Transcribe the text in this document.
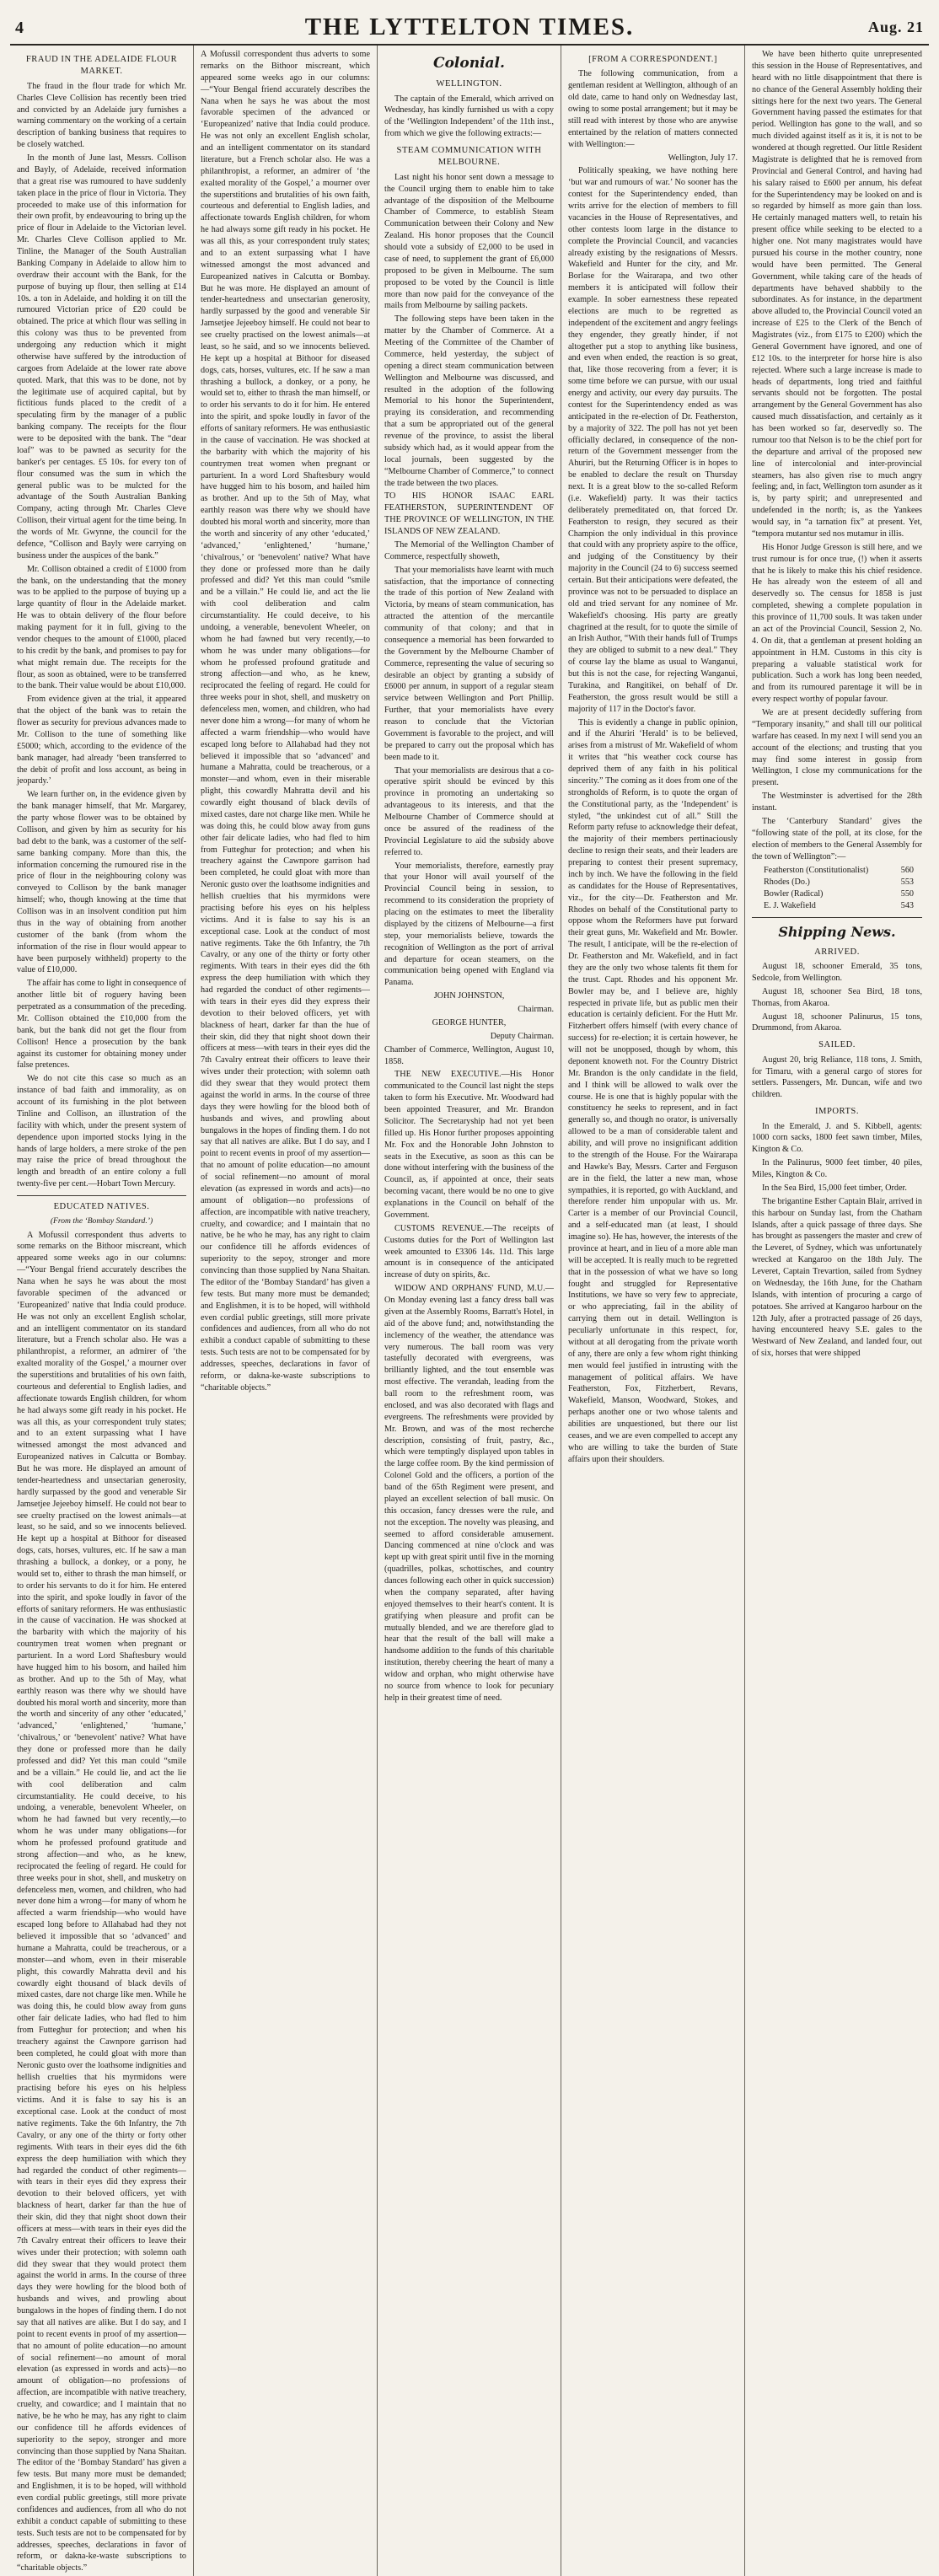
4	THE LYTTELTON TIMES.	Aug. 21
FRAUD IN THE ADELAIDE FLOUR MARKET.

The fraud in the flour trade for which Mr. Charles Cleve Collision has recently been tried and convicted by an Adelaide jury furnishes a warning commentary on the working of a certain description of banking business that requires to be closely watched.

In the month of June last, Messrs. Collison and Bayly, of Adelaide, received information that a great rise was rumoured to have suddenly taken place in the price of flour in Victoria. They proceeded to make use of this information for their own profit, by endeavouring to bring up the price of flour in Adelaide to the Victorian level. Mr. Charles Cleve Collison applied to Mr. Tinline, the Manager of the South Australian Banking Company in Adelaide to allow him to overdraw their account with the Bank, for the purpose of buying up flour, then selling at £14 10s. a ton in Adelaide, and holding it on till the rumoured Victorian price of £20 could be obtained. The price at which flour was selling in this colony was thus to be prevented from undergoing any reduction which it might otherwise have suffered by the introduction of cargoes from Adelaide at the lower rate above quoted. Mark, that this was to be done, not by the legitimate use of acquired capital, but by fictitious funds placed to the credit of a speculating firm by the manager of a public banking company. The receipts for the flour were to be deposited with the bank. The “dear loaf” was to be pawned as security for the banker's per centages. £5 10s. for every ton of flour consumed was the sum in which the general public was to be mulcted for the advantage of the South Australian Banking Company, acting through Mr. Charles Cleve Collison, their virtual agent for the time being. In the words of Mr. Gwynne, the council for the defence, “Collison and Bayly were carrying on business under the auspices of the bank.”

Mr. Collison obtained a credit of £1000 from the bank, on the understanding that the money was to be applied to the purpose of buying up a large quantity of flour in the Adelaide market. He was to obtain delivery of the flour before making payment for it in full, giving to the vendor cheques to the amount of £1000, placed to his credit by the bank, and promises to pay for what might remain due. The receipts for the flour, as soon as obtained, were to be transferred to the bank. Their value would be about £10,000.

From evidence given at the trial, it appeared that the object of the bank was to retain the flower as security for previous advances made to Mr. Collison to the tune of something like £5000; which, according to the evidence of the bank manager, had already ‘been transferred to the debit of profit and loss account, as being in jeopardy.’

We learn further on, in the evidence given by the bank manager himself, that Mr. Margarey, the party whose flower was to be obtained by Collison, and given by him as security for his bad debt to the bank, was a customer of the self-same banking company. More than this, the information concerning the rumoured rise in the price of flour in the neighbouring colony was conveyed to Collison by the bank manager himself; who, though knowing at the time that Collison was in an insolvent condition put him thus in the way of obtaining from another customer of the bank (from whom the information of the rise in flour would appear to have been purposely withheld) property to the value of £10,000.

The affair has come to light in consequence of another little bit of roguery having been perpetrated as a consummation of the preceding. Mr. Collison obtained the £10,000 from the bank, but the bank did not get the flour from Collison! Hence a prosecution by the bank against its customer for obtaining money under false pretences.

We do not cite this case so much as an instance of bad faith and immorality, as on account of its furnishing in the plot between Tinline and Collison, an illustration of the facility with which, under the present system of dependence upon imported stocks lying in the hands of large holders, a mere stroke of the pen may raise the price of bread throughout the length and breadth of an entire colony a full twenty-five per cent.—Hobart Town Mercury.

EDUCATED NATIVES.
(From the ‘Bombay Standard.’)

A Mofussil correspondent thus adverts to some remarks on the Bithoor miscreant, which appeared some weeks ago in our columns:—“Your Bengal friend accurately describes the Nana when he says he was about the most favorable specimen of the advanced or ‘Europeanized’ native that India could produce. He was not only an excellent English scholar, and an intelligent commentator on its standard literature, but a French scholar also. He was a philanthropist, a reformer, an admirer of ‘the exalted morality of the Gospel,’ a mourner over the superstitions and brutalities of his own faith, courteous and deferential to English ladies, and affectionate towards English children, for whom he had always some gift ready in his pocket. He was all this, as your correspondent truly states; and to an extent surpassing what I have witnessed amongst the most advanced and Europeanized natives in Calcutta or Bombay. But he was more. He displayed an amount of tender-heartedness and unsectarian generosity, hardly surpassed by the good and venerable Sir Jamsetjee Jejeeboy himself. He could not bear to see cruelty practised on the lowest animals—at least, so he said, and so we innocents believed. He kept up a hospital at Bithoor for diseased dogs, cats, horses, vultures, etc. If he saw a man thrashing a bullock, a donkey, or a pony, he would set to, either to thrash the man himself, or to order his servants to do it for him. He entered into the spirit, and spoke loudly in favor of the efforts of sanitary reformers. He was enthusiastic in the cause of vaccination. He was shocked at the barbarity with which the majority of his countrymen treat women when pregnant or parturient. In a word Lord Shaftesbury would have hugged him to his bosom, and hailed him as brother. And up to the 5th of May, what earthly reason was there why we should have doubted his moral worth and sincerity, more than the worth and sincerity of any other ‘educated,’ ‘advanced,’ ‘enlightened,’ ‘humane,’ ‘chivalrous,’ or ‘benevolent’ native? What have they done or professed more than he daily professed and did? Yet this man could “smile and be a villain.” He could lie, and act the lie with cool deliberation and calm circumstantiality. He could deceive, to his undoing, a venerable, benevolent Wheeler, on whom he had fawned but very recently,—to whom he was under many obligations—for whom he professed profound gratitude and strong affection—and who, as he knew, reciprocated the feeling of regard. He could for three weeks pour in shot, shell, and musketry on defenceless men, women, and children, who had never done him a wrong—for many of whom he affected a warm friendship—who would have escaped long before to Allahabad had they not believed it impossible that so ‘advanced’ and humane a Mahratta, could be treacherous, or a monster—and whom, even in their miserable plight, this cowardly Mahratta devil and his cowardly eight thousand of black devils of mixed castes, dare not charge like men. While he was doing this, he could blow away from guns other fair delicate ladies, who had fled to him from Futteghur for protection; and when his treachery against the Cawnpore garrison had been completed, he could gloat with more than Neronic gusto over the loathsome indignities and hellish cruelties that his myrmidons were practising before his eyes on his helpless victims. And it is false to say his is an exceptional case. Look at the conduct of most native regiments. Take the 6th Infantry, the 7th Cavalry, or any one of the thirty or forty other regiments. With tears in their eyes did the 6th express the deep humiliation with which they had regarded the conduct of other regiments—with tears in their eyes did they express their devotion to their beloved officers, yet with blackness of heart, darker far than the hue of their skin, did they that night shoot down their officers at mess—with tears in their eyes did the 7th Cavalry entreat their officers to leave their wives under their protection; with solemn oath did they swear that they would protect them against the world in arms. In the course of three days they were howling for the blood both of husbands and wives, and prowling about bungalows in the hopes of finding them. I do not say that all natives are alike. But I do say, and I point to recent events in proof of my assertion—that no amount of polite education—no amount of social refinement—no amount of moral elevation (as expressed in words and acts)—no amount of obligation—no professions of affection, are incompatible with native treachery, cruelty, and cowardice; and I maintain that no native, be he who he may, has any right to claim our confidence till he affords evidences of superiority to the sepoy, stronger and more convincing than those supplied by Nana Shaitan. The editor of the ‘Bombay Standard’ has given a few tests. But many more must be demanded; and Englishmen, it is to be hoped, will withhold even cordial public greetings, still more private confidences and audiences, from all who do not exhibit a conduct capable of submitting to these tests. Such tests are not to be compensated for by addresses, speeches, declarations in favor of reform, or dakna-ke-waste subscriptions to “charitable objects.”

A Mofussil correspondent thus adverts to some remarks on the Bithoor miscreant, which appeared some weeks ago in our columns:—“Your Bengal friend accurately describes the Nana when he says he was about the most favorable specimen of the advanced or ‘Europeanized’ native that India could produce. He was not only an excellent English scholar, and an intelligent commentator on its standard literature, but a French scholar also. He was a philanthropist, a reformer, an admirer of ‘the exalted morality of the Gospel,’ a mourner over the superstitions and brutalities of his own faith, courteous and deferential to English ladies, and affectionate towards English children, for whom he had always some gift ready in his pocket. He was all this, as your correspondent truly states; and to an extent surpassing what I have witnessed amongst the most advanced and Europeanized natives in Calcutta or Bombay. But he was more. He displayed an amount of tender-heartedness and unsectarian generosity, hardly surpassed by the good and venerable Sir Jamsetjee Jejeeboy himself. He could not bear to see cruelty practised on the lowest animals—at least, so he said, and so we innocents believed. He kept up a hospital at Bithoor for diseased dogs, cats, horses, vultures, etc. If he saw a man thrashing a bullock, a donkey, or a pony, he would set to, either to thrash the man himself, or to order his servants to do it for him. He entered into the spirit, and spoke loudly in favor of the efforts of sanitary reformers. He was enthusiastic in the cause of vaccination. He was shocked at the barbarity with which the majority of his countrymen treat women when pregnant or parturient. In a word Lord Shaftesbury would have hugged him to his bosom, and hailed him as brother. And up to the 5th of May, what earthly reason was there why we should have doubted his moral worth and sincerity, more than the worth and sincerity of any other ‘educated,’ ‘advanced,’ ‘enlightened,’ ‘humane,’ ‘chivalrous,’ or ‘benevolent’ native? What have they done or professed more than he daily professed and did? Yet this man could “smile and be a villain.” He could lie, and act the lie with cool deliberation and calm circumstantiality. He could deceive, to his undoing, a venerable, benevolent Wheeler, on whom he had fawned but very recently,—to whom he was under many obligations—for whom he professed profound gratitude and strong affection—and who, as he knew, reciprocated the feeling of regard. He could for three weeks pour in shot, shell, and musketry on defenceless men, women, and children, who had never done him a wrong—for many of whom he affected a warm friendship—who would have escaped long before to Allahabad had they not believed it impossible that so ‘advanced’ and humane a Mahratta, could be treacherous, or a monster—and whom, even in their miserable plight, this cowardly Mahratta devil and his cowardly eight thousand of black devils of mixed castes, dare not charge like men. While he was doing this, he could blow away from guns other fair delicate ladies, who had fled to him from Futteghur for protection; and when his treachery against the Cawnpore garrison had been completed, he could gloat with more than Neronic gusto over the loathsome indignities and hellish cruelties that his myrmidons were practising before his eyes on his helpless victims. And it is false to say his is an exceptional case. Look at the conduct of most native regiments. Take the 6th Infantry, the 7th Cavalry, or any one of the thirty or forty other regiments. With tears in their eyes did the 6th express the deep humiliation with which they had regarded the conduct of other regiments—with tears in their eyes did they express their devotion to their beloved officers, yet with blackness of heart, darker far than the hue of their skin, did they that night shoot down their officers at mess—with tears in their eyes did the 7th Cavalry entreat their officers to leave their wives under their protection; with solemn oath did they swear that they would protect them against the world in arms. In the course of three days they were howling for the blood both of husbands and wives, and prowling about bungalows in the hopes of finding them. I do not say that all natives are alike. But I do say, and I point to recent events in proof of my assertion—that no amount of polite education—no amount of social refinement—no amount of moral elevation (as expressed in words and acts)—no amount of obligation—no professions of affection, are incompatible with native treachery, cruelty, and cowardice; and I maintain that no native, be he who he may, has any right to claim our confidence till he affords evidences of superiority to the sepoy, stronger and more convincing than those supplied by Nana Shaitan. The editor of the ‘Bombay Standard’ has given a few tests. But many more must be demanded; and Englishmen, it is to be hoped, will withhold even cordial public greetings, still more private confidences and audiences, from all who do not exhibit a conduct capable of submitting to these tests. Such tests are not to be compensated for by addresses, speeches, declarations in favor of reform, or dakna-ke-waste subscriptions to “charitable objects.”

Colonial.
WELLINGTON.

The captain of the Emerald, which arrived on Wednesday, has kindly furnished us with a copy of the ‘Wellington Independent’ of the 11th inst., from which we give the following extracts:—

STEAM COMMUNICATION WITH MELBOURNE.

Last night his honor sent down a message to the Council urging them to enable him to take advantage of the disposition of the Melbourne Chamber of Commerce, to establish Steam Communication between their Colony and New Zealand. His honor proposes that the Council should vote a subsidy of £2,000 to be used in case of need, to supplement the grant of £6,000 proposed to be given in Melbourne. The sum proposed to be voted by the Council is little more than now paid for the conveyance of the mails from Melbourne by sailing packets.

The following steps have been taken in the matter by the Chamber of Commerce. At a Meeting of the Committee of the Chamber of Commerce, held yesterday, the subject of opening a direct steam communication between Wellington and Melbourne was discussed, and resulted in the adoption of the following Memorial to his honor the Superintendent, praying its consideration, and recommending that a sum be appropriated out of the general revenue of the province, to assist the liberal subsidy which had, as it would appear from the local journals, been suggested by the “Melbourne Chamber of Commerce,” to connect the trade between the two places.

TO HIS HONOR ISAAC EARL FEATHERSTON, SUPERINTENDENT OF THE PROVINCE OF WELLINGTON, IN THE ISLANDS OF NEW ZEALAND.

The Memorial of the Wellington Chamber of Commerce, respectfully showeth,

That your memorialists have learnt with much satisfaction, that the importance of connecting the trade of this portion of New Zealand with Victoria, by means of steam communication, has attracted the attention of the mercantile community of that colony; and that in consequence a memorial has been forwarded to the Government by the Melbourne Chamber of Commerce, representing the value of securing so desirable an object by granting a subsidy of £6000 per annum, in support of a regular steam service between Wellington and Port Phillip. Further, that your memorialists have every reason to conclude that the Victorian Government is favorable to the project, and will be prepared to carry out the proposal which has been made to it.

That your memorialists are desirous that a co-operative spirit should be evinced by this province in promoting an undertaking so advantageous to its interests, and that the Melbourne Chamber of Commerce should at once be assured of the readiness of the Provincial Legislature to aid the subsidy above referred to.

Your memorialists, therefore, earnestly pray that your Honor will avail yourself of the Provincial Council being in session, to recommend to its consideration the propriety of placing on the estimates to meet the liberality displayed by the citizens of Melbourne—a first step, your memorialists believe, towards the recognition of Wellington as the port of arrival and departure for ocean steamers, on the communication being opened with England via Panama.

JOHN JOHNSTON,
Chairman.
GEORGE HUNTER,
Deputy Chairman.

Chamber of Commerce, Wellington, August 10, 1858.

THE NEW EXECUTIVE.—His Honor communicated to the Council last night the steps taken to form his Executive. Mr. Woodward had been appointed Treasurer, and Mr. Brandon Solicitor. The Secretaryship had not yet been filled up. His Honor further proposes appointing Mr. Fox and the Honorable John Johnston to seats in the Executive, as soon as this can be done without interfering with the business of the Council, as, if appointed at once, their seats becoming vacant, there would be no one to give explanations in the Council on behalf of the Government.

CUSTOMS REVENUE.—The receipts of Customs duties for the Port of Wellington last week amounted to £3306 14s. 11d. This large amount is in consequence of the anticipated increase of duty on spirits, &c.

WIDOW AND ORPHANS' FUND, M.U.—On Monday evening last a fancy dress ball was given at the Assembly Rooms, Barratt's Hotel, in aid of the above fund; and, notwithstanding the inclemency of the weather, the attendance was very numerous. The ball room was very tastefully decorated with evergreens, was brilliantly lighted, and the tout ensemble was most effective. The verandah, leading from the ball room to the refreshment room, was enclosed, and was also decorated with flags and evergreens. The refreshments were provided by Mr. Brown, and was of the most recherche description, consisting of fruit, pastry, &c., which were temptingly displayed upon tables in the large coffee room. By the kind permission of Colonel Gold and the officers, a portion of the band of the 65th Regiment were present, and played an excellent selection of ball music. On this occasion, fancy dresses were the rule, and not the exception. The novelty was pleasing, and seemed to afford considerable amusement. Dancing commenced at nine o'clock and was kept up with great spirit until five in the morning (quadrilles, polkas, schottisches, and country dances following each other in quick succession) when the company separated, after having enjoyed themselves to their heart's content. It is gratifying when pleasure and profit can be mutually blended, and we are therefore glad to hear that the result of the ball will make a handsome addition to the funds of this charitable institution, thereby cheering the heart of many a widow and orphan, who might otherwise have no source from whence to look for pecuniary help in their greatest time of need.

[FROM A CORRESPONDENT.]

The following communication, from a gentleman resident at Wellington, although of an old date, came to hand only on Wednesday last, owing to some postal arrangement; but it may be still read with interest by those who are anywise entertained by the relation of matters connected with Wellington:—

Wellington, July 17.

Politically speaking, we have nothing here ‘but war and rumours of war.’ No sooner has the contest for the Superintendency ended, than writs arrive for the election of members to fill vacancies in the House of Representatives, and other contests loom large in the distance to complete the Provincial Council, and vacancies already existing by the resignations of Messrs. Wakefield and Hunter for the city, and Mr. Borlase for the Wairarapa, and two other members it is anticipated will follow their example. In sober earnestness these repeated elections are much to be regretted as independent of the excitement and angry feelings they engender, they greatly hinder, if not altogether put a stop to anything like business, and even when ended, the reaction is so great, that, like those recovering from a fever; it is some time before we can pursue, with our usual energy and activity, our every day pursuits. The contest for the Superintendency ended as was anticipated in the re-election of Dr. Featherston, by a majority of 322. The poll has not yet been officially declared, in consequence of the non-return of the Government messenger from the Ahuriri, but the Returning Officer is in hopes to be enabled to declare the result on Thursday next. It is a great blow to the so-called Reform (i.e. Wakefield) party. It was their tactics deliberately premeditated on, that forced Dr. Featherston to resign, they secured as their Champion the only individual in this province that could with any propriety aspire to the office, and judging of the Constituency by their majority in the Council (24 to 6) success seemed certain. But their anticipations were defeated, the province was not to be persuaded to displace an old and tried servant for any nominee of Mr. Wakefield's choosing. His party are greatly chagrined at the result, for to quote the simile of an Irish Author, “With their hands full of Trumps they are obliged to submit to a new deal.” They of course lay the blame as usual to Wanganui, but this is not the case, for rejecting Wanganui, Turakina, and Rangitikei, on behalf of Dr. Featherston, the gross result would be still a majority of 117 in the Doctor's favor.

This is evidently a change in public opinion, and if the Ahuriri ‘Herald’ is to be believed, arises from a mistrust of Mr. Wakefield of whom it writes that “his weather cock course has deprived them of any faith in his political sincerity.” The coming as it does from one of the strongholds of Reform, is to quote the organ of the Constitutional party, as the ‘Independent’ is styled, “the unkindest cut of all.” Still the Reform party refuse to acknowledge their defeat, the majority of their members pertinaciously decline to resign their seats, and their leaders are preparing to contest their present supremacy, inch by inch. We have the following in the field as candidates for the House of Representatives, viz., for the city—Dr. Featherston and Mr. Rhodes on behalf of the Constitutional party to oppose whom the Reformers have put forward their great guns, Mr. Wakefield and Mr. Bowler. The result, I anticipate, will be the re-election of Dr. Featherston and Mr. Wakefield, and in fact they are the only two whose talents fit them for the trust. Capt. Rhodes and his opponent Mr. Bowler may be, and I believe are, highly respected in private life, but as public men their education is certainly deficient. For the Hutt Mr. Fitzherbert offers himself (with every chance of success) for re-election; it is certain however, he will not be unopposed, though by whom, this deponent knoweth not. For the Country District Mr. Brandon is the only candidate in the field, and I think will be allowed to walk over the course. He is one that is highly popular with the constituency he seeks to represent, and in fact generally so, and though no orator, is universally allowed to be a man of considerable talent and ability, and will prove no insignificant addition to the strength of the House. For the Wairarapa and Hawke's Bay, Messrs. Carter and Ferguson are in the field, the latter a new man, whose sympathies, it is reported, go with Auckland, and therefore render him unpopular with us. Mr. Carter is a member of our Provincial Council, and a self-educated man (at least, I should imagine so). He has, however, the interests of the province at heart, and in lieu of a more able man will be accepted. It is really much to be regretted that in the possession of what we have so long fought and struggled for Representative Institutions, we have so very few to appreciate, or who appreciating, fail in the ability of carrying them out in detail. Wellington is peculiarly unfortunate in this respect, for, without at all derogating from the private worth of any, there are only a few whom right thinking men would feel justified in intrusting with the management of political affairs. We have Featherston, Fox, Fitzherbert, Revans, Wakefield, Manson, Woodward, Stokes, and perhaps another one or two whose talents and abilities are unquestioned, but there our list ceases, and we are even compelled to accept any who are willing to take the burden of State affairs upon their shoulders.

We have been hitherto quite unrepresented this session in the House of Representatives, and heard with no little disappointment that there is no chance of the General Assembly holding their sittings here for the next two years. The General Government having passed the estimates for that period. Wellington has gone to the wall, and so much divided against itself as it is, it is not to be wondered at though regretted. Our little Resident Magistrate is delighted that he is removed from Provincial and General Control, and having had his salary raised to £600 per annum, his defeat for the Superintendency may be looked on and is so regarded by himself as more gain than loss. He certainly managed matters well, to retain his present office while seeking to be elected to a higher one. Not many magistrates would have pursued his course in the mother country, none would have been permitted. The General Government, while taking care of the heads of departments have behaved shabbily to the subordinates. As for instance, in the department above alluded to, the Provincial Council voted an increase of £25 to the Clerk of the Bench of Magistrates (viz., from £175 to £200) which the General Government have ignored, and one of £12 10s. to the interpreter for horse hire is also rejected. Where such a large increase is made to heads of departments, long tried and faithful servants should not be forgotten. The postal arrangement by the General Government has also caused much dissatisfaction, and certainly as it has been worked so far, deservedly so. The rumour too that Nelson is to be the chief port for the departure and arrival of the proposed new line of intercolonial and inter-provincial steamers, has also given rise to much angry feeling; and, in fact, Wellington torn asunder as it is, by party spirit; and unrepresented and undefended in the north; is, as the Yankees would say, in “a tarnation fix” at present. Yet, “tempora mutantur sed nos mutamur in illis.

His Honor Judge Gresson is still here, and we trust rumour is for once true, (!) when it asserts that he is likely to make this his chief residence. He has already won the esteem of all and deservedly so. The census for 1858 is just completed, shewing a complete population in this province of 11,700 souls. It was taken under an act of the Provincial Council, Session 2, No. 4. On dit, that a gentleman at present holding an appointment in H.M. Customs in this city is preparing a valuable statistical work for publication. Such a work has long been needed, and from its rumoured parentage it will be in every respect worthy of popular favour.

We are at present decidedly suffering from “Temporary insanity,” and shall till our political warfare has ceased. In my next I will send you an account of the elections; and trusting that you may find some interest in gossip from Wellington, I close my communications for the present.

The Westminster is advertised for the 28th instant.

The ‘Canterbury Standard’ gives the “following state of the poll, at its close, for the election of members to the General Assembly for the town of Wellington”:—

Featherston (Constitutionalist)	560
Rhodes (Do.)	553
Bowler (Radical)	550
E. J. Wakefield	543
Shipping News.
ARRIVED.

August 18, schooner Emerald, 35 tons, Sedcole, from Wellington.

August 18, schooner Sea Bird, 18 tons, Thomas, from Akaroa.

August 18, schooner Palinurus, 15 tons, Drummond, from Akaroa.

SAILED.

August 20, brig Reliance, 118 tons, J. Smith, for Timaru, with a general cargo of stores for settlers. Passengers, Mr. Duncan, wife and two children.

IMPORTS.

In the Emerald, J. and S. Kibbell, agents: 1000 corn sacks, 1800 feet sawn timber, Miles, Kington & Co.

In the Palinurus, 9000 feet timber, 40 piles, Miles, Kington & Co.

In the Sea Bird, 15,000 feet timber, Order.

The brigantine Esther Captain Blair, arrived in this harbour on Sunday last, from the Chatham Islands, after a quick passage of three days. She has brought as passengers the master and crew of the Leveret, of Sydney, which was unfortunately wrecked at Kangaroo on the 18th July. The Leveret, Captain Trevartion, sailed from Sydney on Wednesday, the 16th June, for the Chatham Islands, with intention of procuring a cargo of potatoes. She arrived at Kangaroo harbour on the 12th July, after a protracted passage of 26 days, having encountered heavy S.E. gales to the Westward of New Zealand, and landed four, out of six, horses that were shipped
